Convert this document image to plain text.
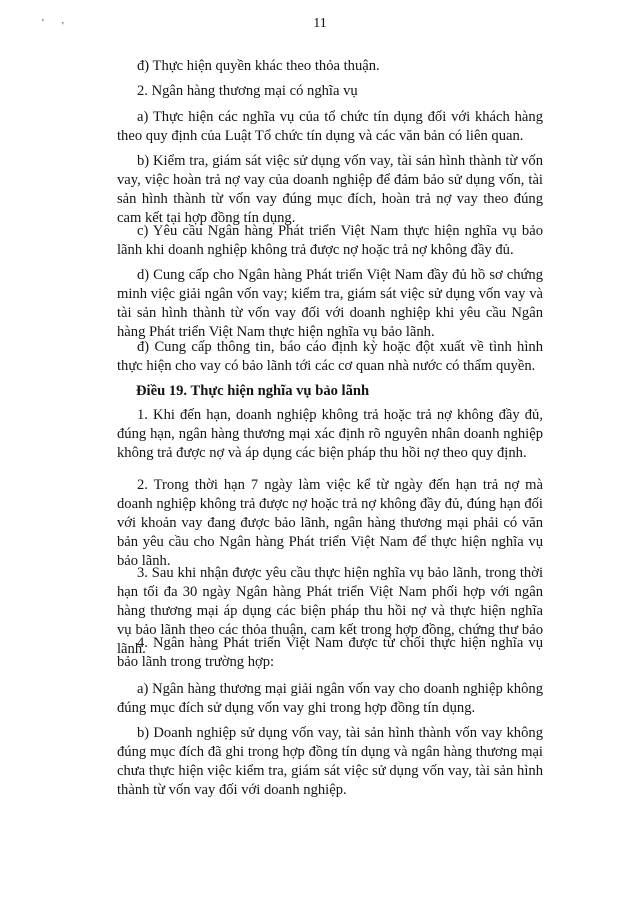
' '	11

đ) Thực hiện quyền khác theo thỏa thuận.

2. Ngân hàng thương mại có nghĩa vụ

a) Thực hiện các nghĩa vụ của tổ chức tín dụng đối với khách hàng theo quy định của Luật Tổ chức tín dụng và các văn bản có liên quan.

b) Kiểm tra, giám sát việc sử dụng vốn vay, tài sản hình thành từ vốn vay, việc hoàn trả nợ vay của doanh nghiệp để đảm bảo sử dụng vốn, tài sản hình thành từ vốn vay đúng mục đích, hoàn trả nợ vay theo đúng cam kết tại hợp đồng tín dụng.

c) Yêu cầu Ngân hàng Phát triển Việt Nam thực hiện nghĩa vụ bảo lãnh khi doanh nghiệp không trả được nợ hoặc trả nợ không đầy đủ.

d) Cung cấp cho Ngân hàng Phát triển Việt Nam đầy đủ hồ sơ chứng minh việc giải ngân vốn vay; kiểm tra, giám sát việc sử dụng vốn vay và tài sản hình thành từ vốn vay đối với doanh nghiệp khi yêu cầu Ngân hàng Phát triển Việt Nam thực hiện nghĩa vụ bảo lãnh.

đ) Cung cấp thông tin, báo cáo định kỳ hoặc đột xuất về tình hình thực hiện cho vay có bảo lãnh tới các cơ quan nhà nước có thẩm quyền.

Điều 19. Thực hiện nghĩa vụ bảo lãnh

1. Khi đến hạn, doanh nghiệp không trả hoặc trả nợ không đầy đủ, đúng hạn, ngân hàng thương mại xác định rõ nguyên nhân doanh nghiệp không trả được nợ và áp dụng các biện pháp thu hồi nợ theo quy định.

2. Trong thời hạn 7 ngày làm việc kể từ ngày đến hạn trả nợ mà doanh nghiệp không trả được nợ hoặc trả nợ không đầy đủ, đúng hạn đối với khoản vay đang được bảo lãnh, ngân hàng thương mại phải có văn bản yêu cầu cho Ngân hàng Phát triển Việt Nam để thực hiện nghĩa vụ bảo lãnh.

3. Sau khi nhận được yêu cầu thực hiện nghĩa vụ bảo lãnh, trong thời hạn tối đa 30 ngày Ngân hàng Phát triển Việt Nam phối hợp với ngân hàng thương mại áp dụng các biện pháp thu hồi nợ và thực hiện nghĩa vụ bảo lãnh theo các thỏa thuận, cam kết trong hợp đồng, chứng thư bảo lãnh.

4. Ngân hàng Phát triển Việt Nam được từ chối thực hiện nghĩa vụ bảo lãnh trong trường hợp:

a) Ngân hàng thương mại giải ngân vốn vay cho doanh nghiệp không đúng mục đích sử dụng vốn vay ghi trong hợp đồng tín dụng.

b) Doanh nghiệp sử dụng vốn vay, tài sản hình thành vốn vay không đúng mục đích đã ghi trong hợp đồng tín dụng và ngân hàng thương mại chưa thực hiện việc kiểm tra, giám sát việc sử dụng vốn vay, tài sản hình thành từ vốn vay đối với doanh nghiệp.
